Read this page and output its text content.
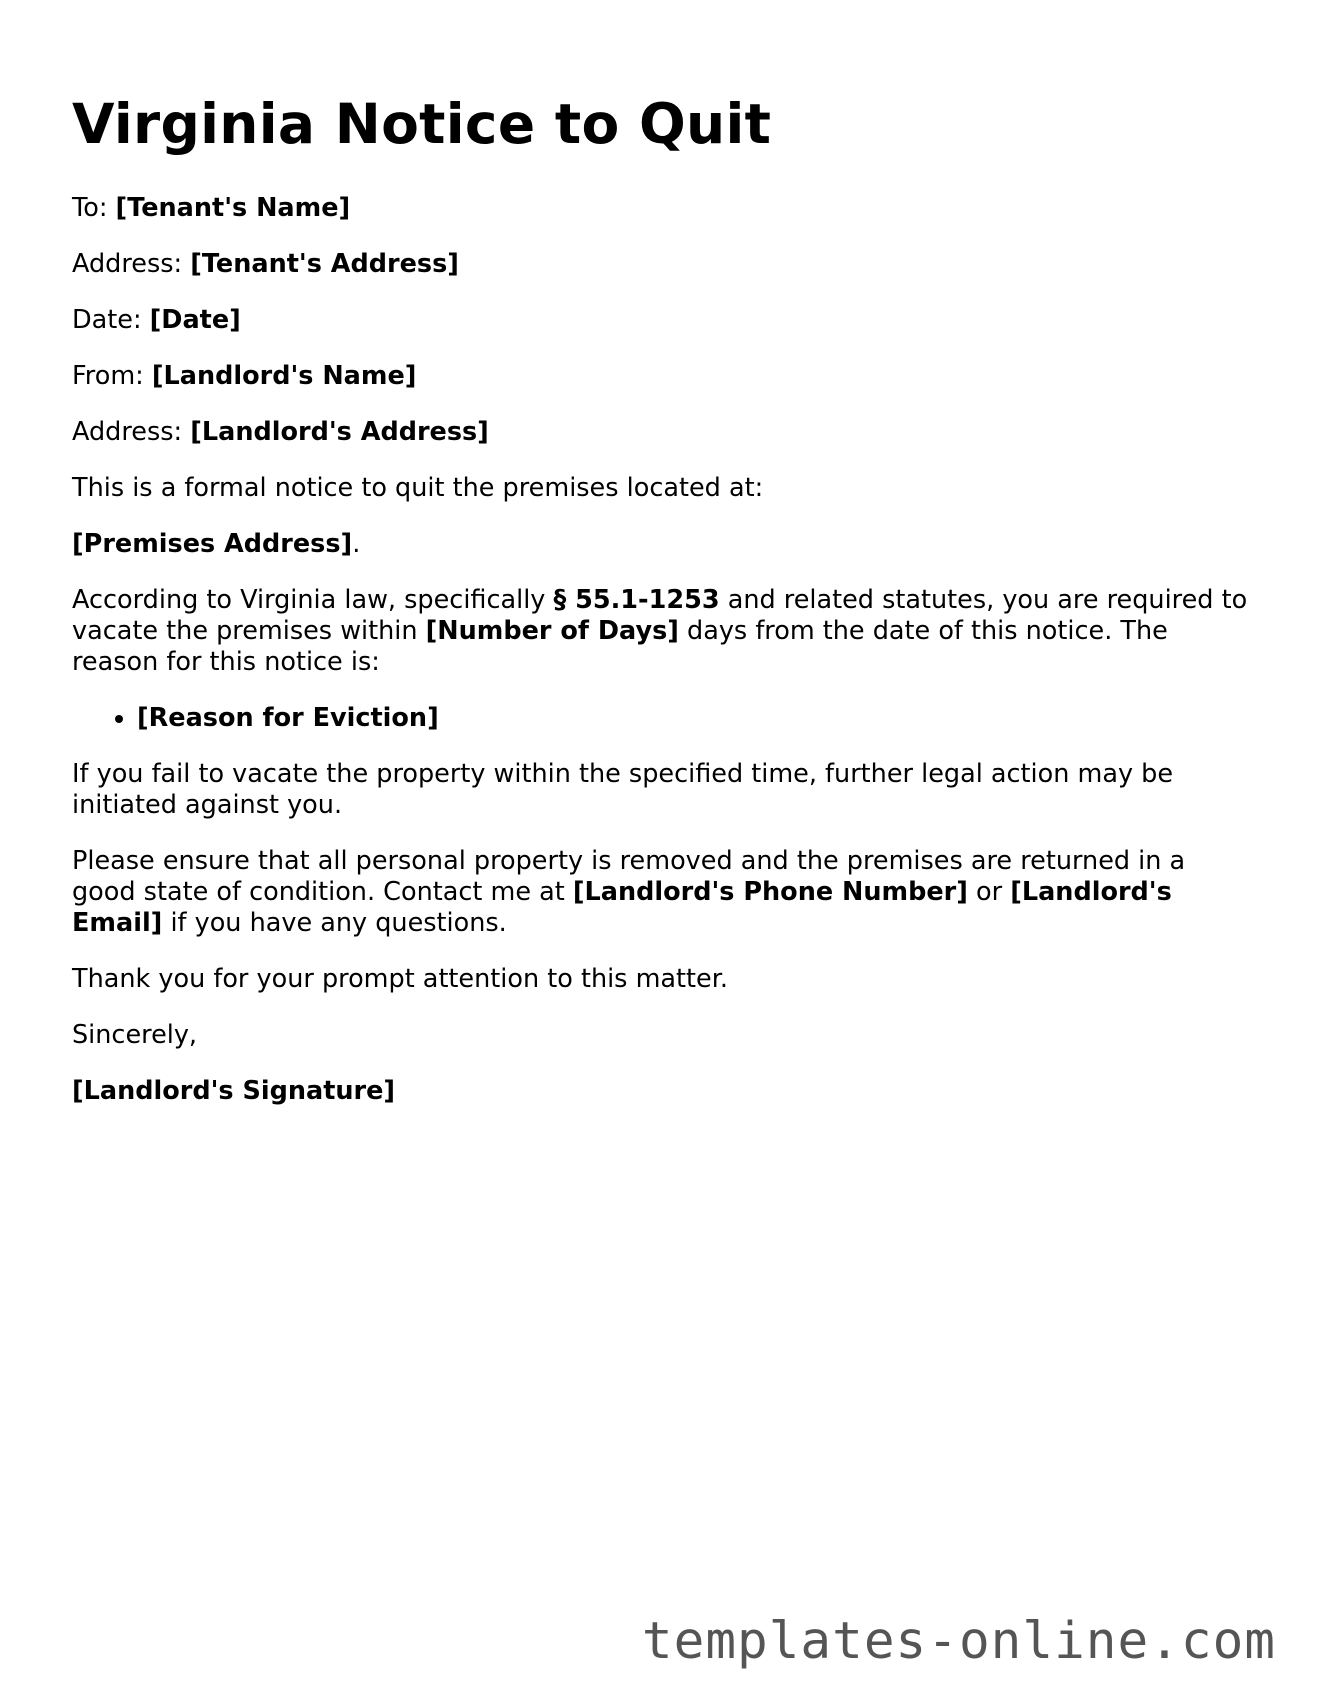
Virginia Notice to Quit

To: [Tenant's Name]

Address: [Tenant's Address]

Date: [Date]

From: [Landlord's Name]

Address: [Landlord's Address]

This is a formal notice to quit the premises located at:

[Premises Address].

According to Virginia law, specifically § 55.1-1253 and related statutes, you are required to vacate the premises within [Number of Days] days from the date of this notice. The reason for this notice is:

• [Reason for Eviction]

If you fail to vacate the property within the specified time, further legal action may be initiated against you.

Please ensure that all personal property is removed and the premises are returned in a good state of condition. Contact me at [Landlord's Phone Number] or [Landlord's Email] if you have any questions.

Thank you for your prompt attention to this matter.

Sincerely,

[Landlord's Signature]

templates-online.com
